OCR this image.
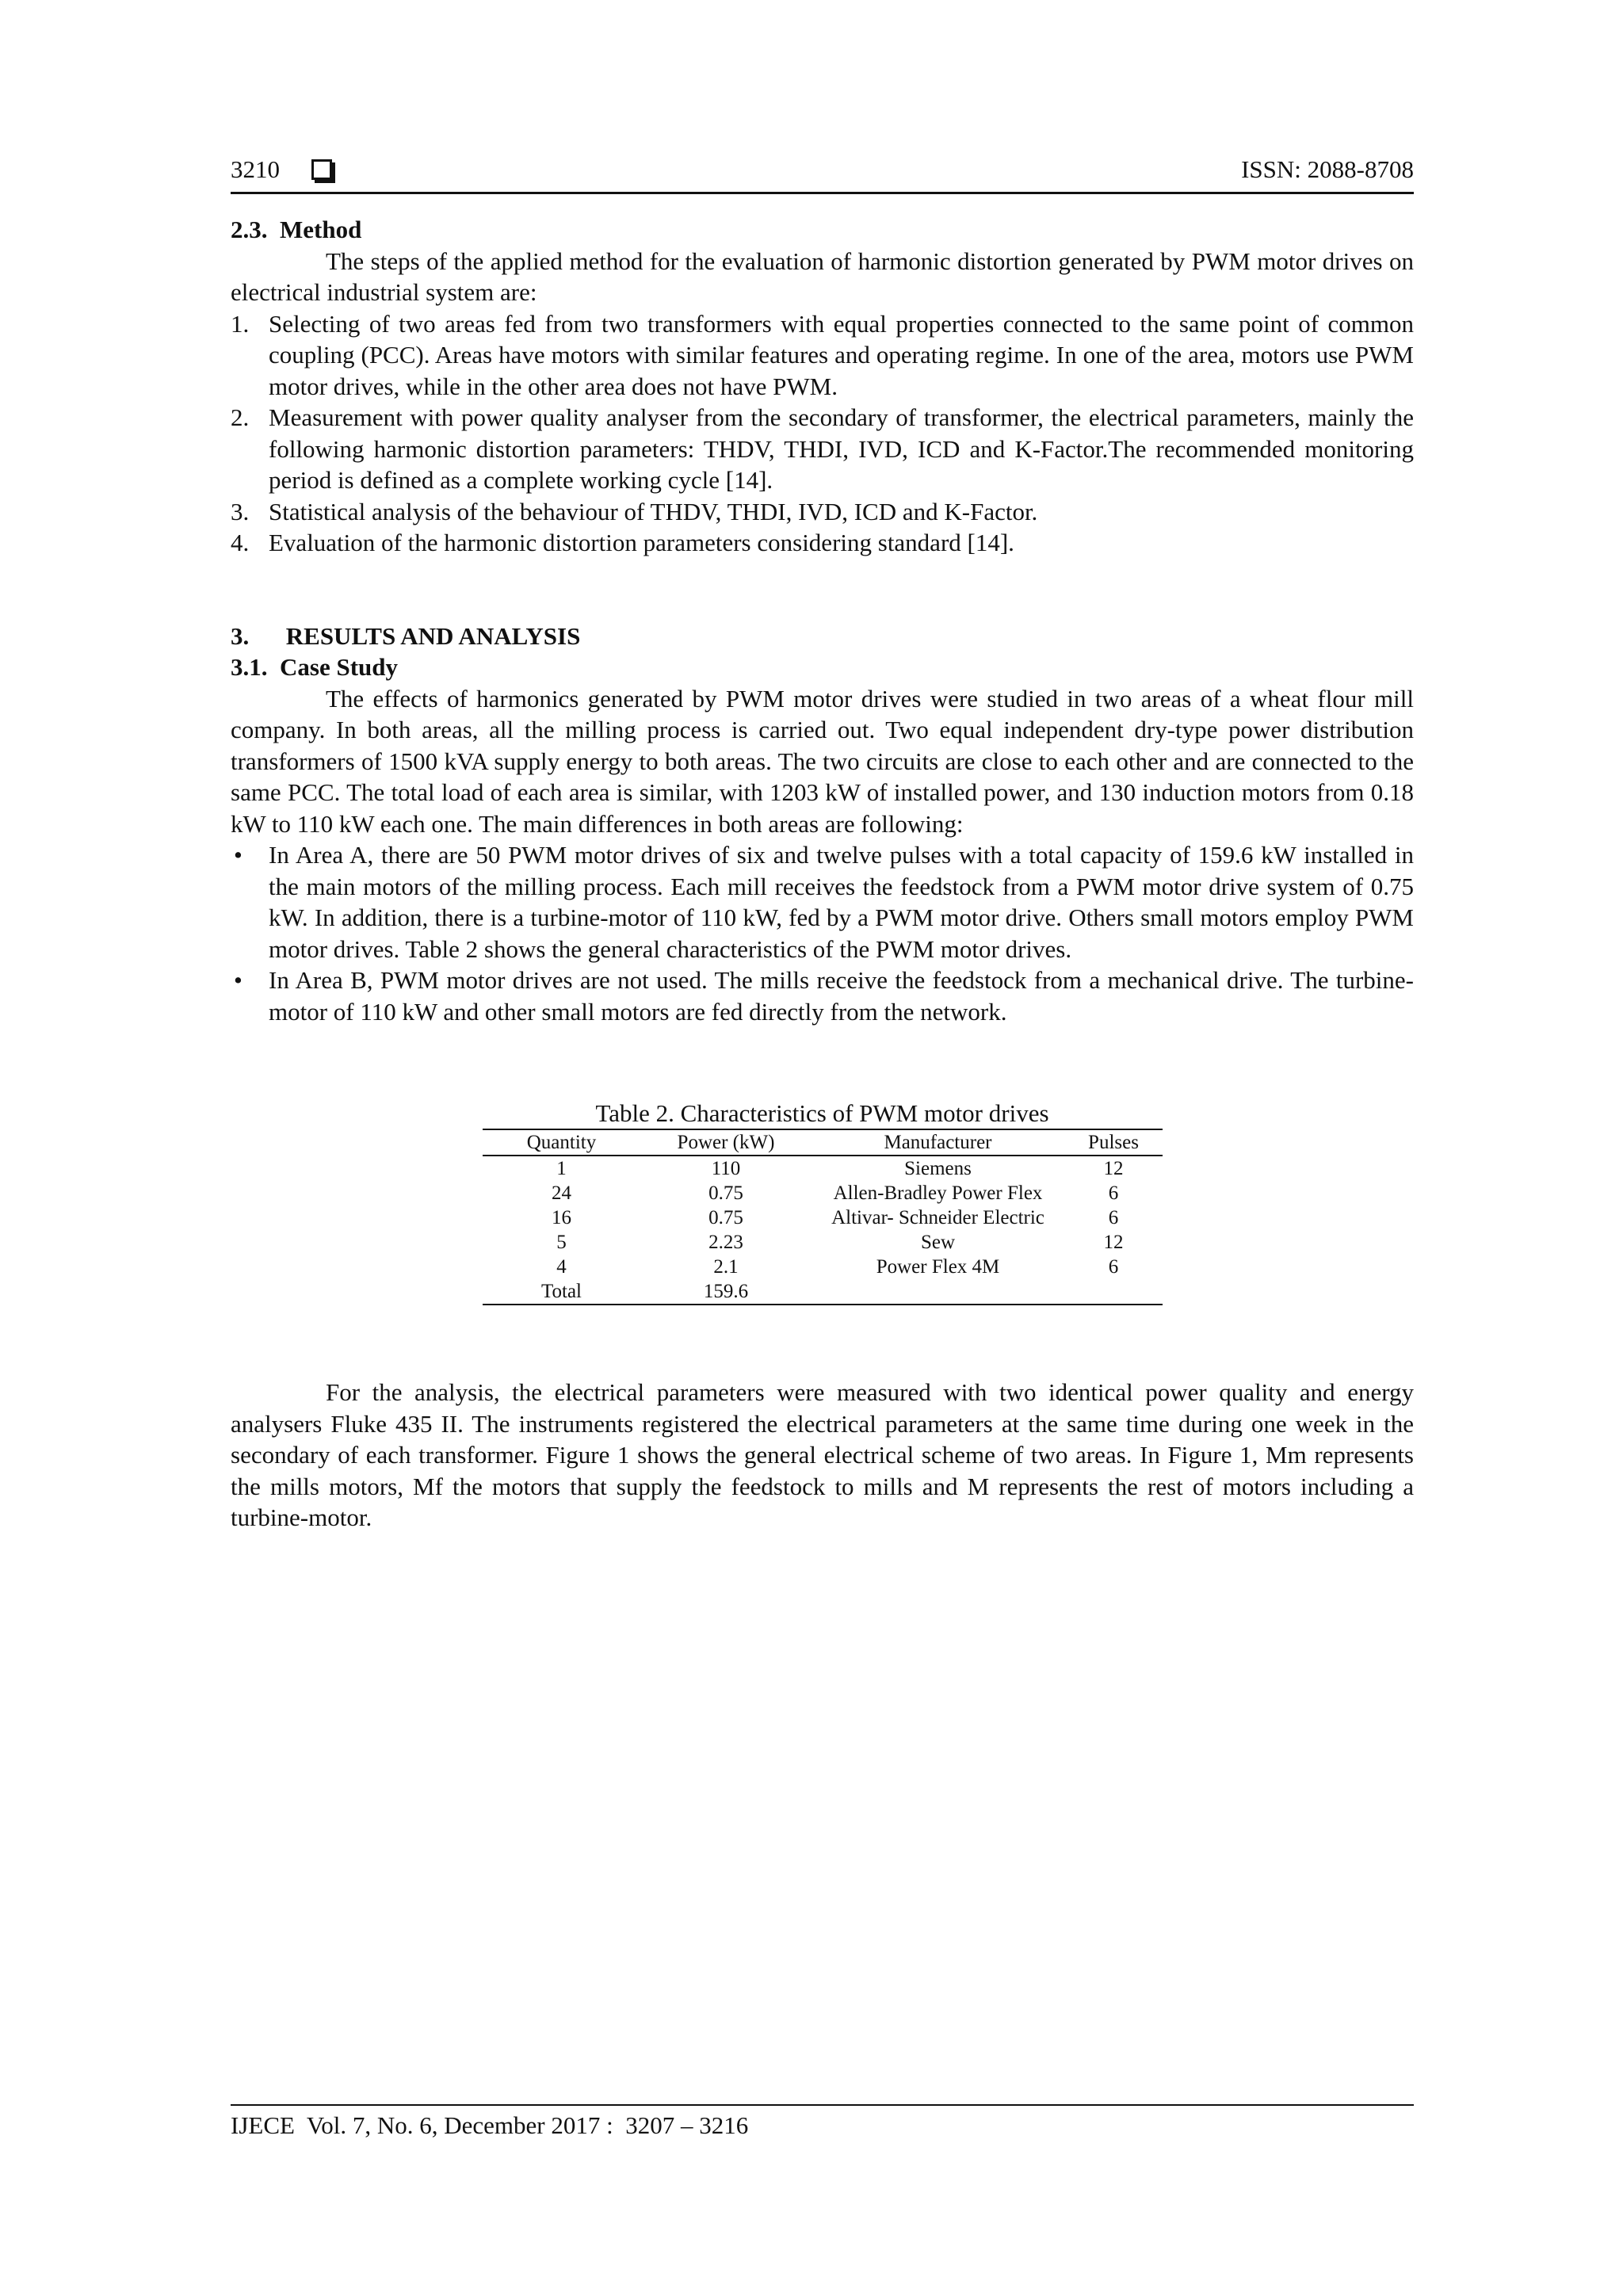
3210	ISSN: 2088-8708

2.3.  Method

The steps of the applied method for the evaluation of harmonic distortion generated by PWM motor drives on electrical industrial system are:

1. Selecting of two areas fed from two transformers with equal properties connected to the same point of common coupling (PCC). Areas have motors with similar features and operating regime. In one of the area, motors use PWM motor drives, while in the other area does not have PWM.
2. Measurement with power quality analyser from the secondary of transformer, the electrical parameters, mainly the following harmonic distortion parameters: THDV, THDI, IVD, ICD and K-Factor.The recommended monitoring period is defined as a complete working cycle [14].
3. Statistical analysis of the behaviour of THDV, THDI, IVD, ICD and K-Factor.
4. Evaluation of the harmonic distortion parameters considering standard [14].

3.      RESULTS AND ANALYSIS

3.1.  Case Study

The effects of harmonics generated by PWM motor drives were studied in two areas of a wheat flour mill company. In both areas, all the milling process is carried out. Two equal independent dry-type power distribution transformers of 1500 kVA supply energy to both areas. The two circuits are close to each other and are connected to the same PCC. The total load of each area is similar, with 1203 kW of installed power, and 130 induction motors from 0.18 kW to 110 kW each one. The main differences in both areas are following:

• In Area A, there are 50 PWM motor drives of six and twelve pulses with a total capacity of 159.6 kW installed in the main motors of the milling process. Each mill receives the feedstock from a PWM motor drive system of 0.75 kW. In addition, there is a turbine-motor of 110 kW, fed by a PWM motor drive. Others small motors employ PWM motor drives. Table 2 shows the general characteristics of the PWM motor drives.
• In Area B, PWM motor drives are not used. The mills receive the feedstock from a mechanical drive. The turbine-motor of 110 kW and other small motors are fed directly from the network.
Table 2. Characteristics of PWM motor drives
Quantity	Power (kW)	Manufacturer	Pulses
1	110	Siemens	12
24	0.75	Allen-Bradley Power Flex	6
16	0.75	Altivar- Schneider Electric	6
5	2.23	Sew	12
4	2.1	Power Flex 4M	6
Total	159.6		

For the analysis, the electrical parameters were measured with two identical power quality and energy analysers Fluke 435 II. The instruments registered the electrical parameters at the same time during one week in the secondary of each transformer. Figure 1 shows the general electrical scheme of two areas. In Figure 1, Mm represents the mills motors, Mf the motors that supply the feedstock to mills and M represents the rest of motors including a turbine-motor.

IJECE  Vol. 7, No. 6, December 2017 :  3207 – 3216
